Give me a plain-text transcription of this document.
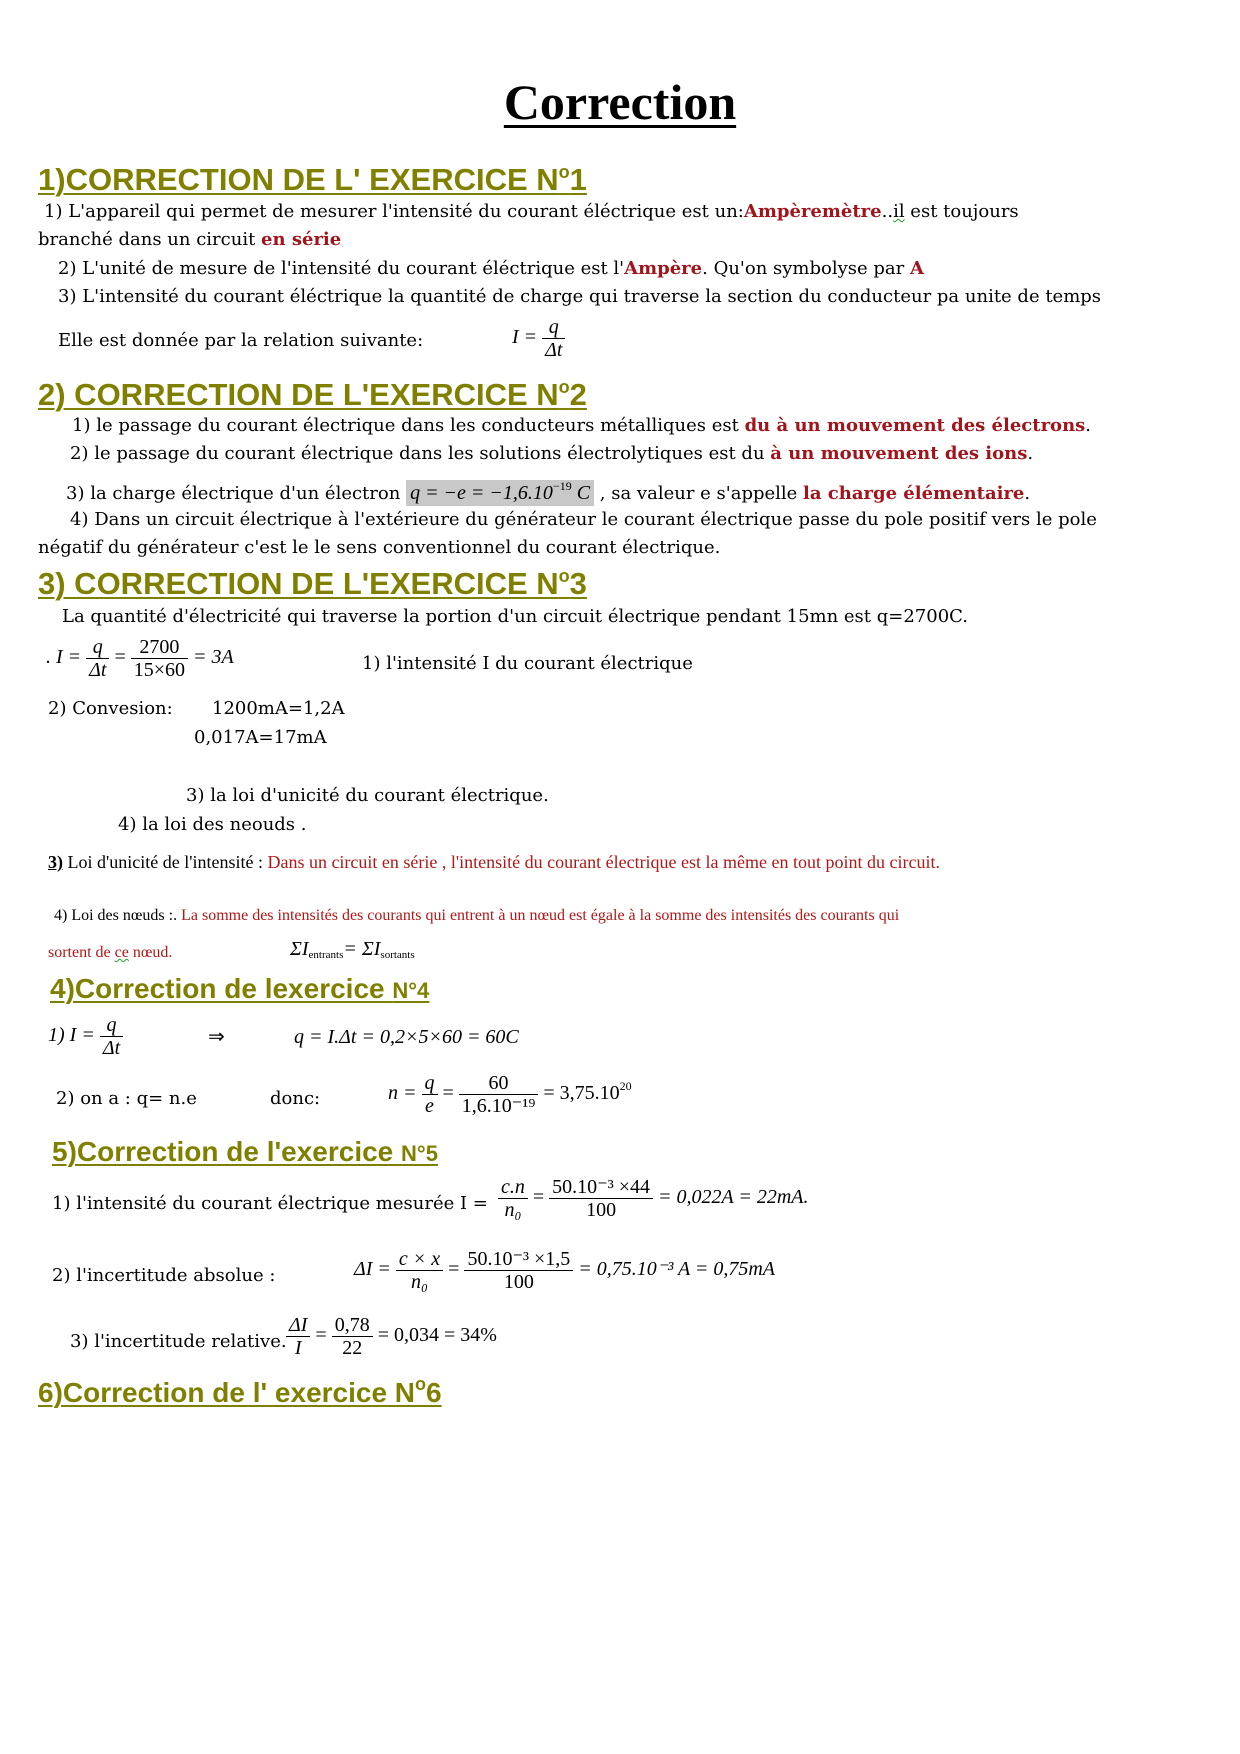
Correction
1)CORRECTION DE L' EXERCICE $N^o1$
1) L'appareil qui permet de mesurer l'intensité du courant éléctrique est un:Ampèremètre..il est toujours
branché dans un circuit en série
2) L'unité de mesure de l'intensité du courant éléctrique est l'Ampère. Qu'on symbolyse par A
3) L'intensité du courant éléctrique la quantité de charge qui traverse la section du conducteur pa unite de temps
Elle est donnée par la relation suivante:	$I = \frac{q}{\Delta t}$
2) CORRECTION DE L'EXERCICE $N^o2$
1) le passage du courant électrique dans les conducteurs métalliques est du à un mouvement des électrons.
2) le passage du courant électrique dans les solutions électrolytiques est du à un mouvement des ions.
3) la charge électrique d'un électron $q = -e = -1,6.10^{-19}$ C , sa valeur e s'appelle la charge élémentaire.
4) Dans un circuit électrique à l'extérieure du générateur le courant électrique passe du pole positif vers le pole
négatif du générateur c'est le le sens conventionnel du courant électrique.
3) CORRECTION DE L'EXERCICE $N^o3$
La quantité d'électricité qui traverse la portion d'un circuit électrique pendant 15mn est q=2700C.
. $I = \frac{q}{\Delta t} = \frac{2700}{15\times 60} = 3A$	1) l'intensité I du courant électrique
2) Convesion: 1200mA=1,2A
0,017A=17mA
3) la loi d'unicité du courant électrique.
4) la loi des neouds .
3) Loi d'unicité de l'intensité : Dans un circuit en série , l'intensité du courant électrique est la même en tout point du circuit.
4) Loi des nœuds :. La somme des intensités des courants qui entrent à un nœud est égale à la somme des intensités des courants qui
sortent de ce nœud.	$\Sigma I_{entrants}= \Sigma I_{sortants}$
4)Correction de lexercice N°4
1) $I = \frac{q}{\Delta t}$	⇒	q = I.Δt = 0,2×5×60 = 60C
2) on a : q= n.e	donc:	$n = \frac{q}{e} = \frac{60}{\text{1,6.10⁻¹⁹}} = 3,75.10^{20}$
5)Correction de l'exercice N°5
1) l'intensité du courant électrique mesurée $I = \frac{c.n}{\text{n₀}} = \frac{\text{50.10⁻³ ×44}}{100} = 0,022A = 22mA$.
2) l'incertitude absolue :	$\Delta I = \frac{c \times x}{\text{n₀}} = \frac{\text{50.10⁻³ ×1,5}}{100} = 0,75.10^{-3}$ A = 0,75mA
3) l'incertitude relative. $\frac{\Delta I}{I} = \frac{0,78}{22} = 0,034 = 34\%$
6)Correction de l' exercice $N^o6$
